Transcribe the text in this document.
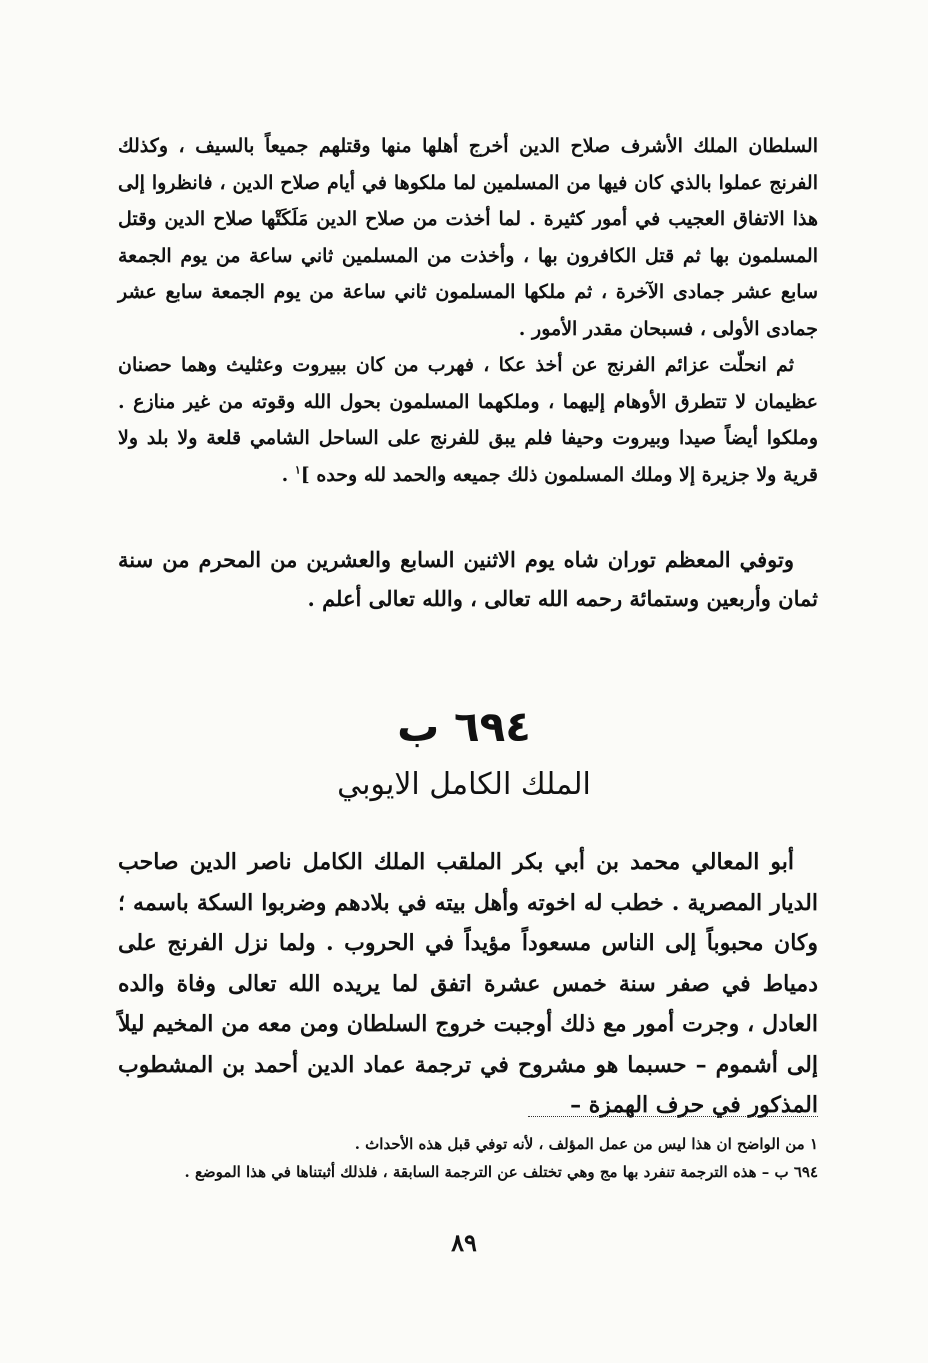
السلطان الملك الأشرف صلاح الدين أخرج أهلها منها وقتلهم جميعاً بالسيف ، وكذلك الفرنج عملوا بالذي كان فيها من المسلمين لما ملكوها في أيام صلاح الدين ، فانظروا إلى هذا الاتفاق العجيب في أمور كثيرة . لما أخذت من صلاح الدين مَلَكَتْها صلاح الدين وقتل المسلمون بها ثم قتل الكافرون بها ، وأخذت من المسلمين ثاني ساعة من يوم الجمعة سابع عشر جمادى الآخرة ، ثم ملكها المسلمون ثاني ساعة من يوم الجمعة سابع عشر جمادى الأولى ، فسبحان مقدر الأمور .

ثم انحلّت عزائم الفرنج عن أخذ عكا ، فهرب من كان ببيروت وعثليث وهما حصنان عظيمان لا تتطرق الأوهام إليهما ، وملكهما المسلمون بحول الله وقوته من غير منازع . وملكوا أيضاً صيدا وبيروت وحيفا فلم يبق للفرنج على الساحل الشامي قلعة ولا بلد ولا قرية ولا جزيرة إلا وملك المسلمون ذلك جميعه والحمد لله وحده ]$^١$ .

وتوفي المعظم توران شاه يوم الاثنين السابع والعشرين من المحرم من سنة ثمان وأربعين وستمائة رحمه الله تعالى ، والله تعالى أعلم .

٦٩٤ ب
الملك الكامل الايوبي

أبو المعالي محمد بن أبي بكر الملقب الملك الكامل ناصر الدين صاحب الديار المصرية . خطب له اخوته وأهل بيته في بلادهم وضربوا السكة باسمه ؛ وكان محبوباً إلى الناس مسعوداً مؤيداً في الحروب . ولما نزل الفرنج على دمياط في صفر سنة خمس عشرة اتفق لما يريده الله تعالى وفاة والده العادل ، وجرت أمور مع ذلك أوجبت خروج السلطان ومن معه من المخيم ليلاً إلى أشموم – حسبما هو مشروح في ترجمة عماد الدين أحمد بن المشطوب المذكور في حرف الهمزة –

١ من الواضح ان هذا ليس من عمل المؤلف ، لأنه توفي قبل هذه الأحداث .

٦٩٤ ب – هذه الترجمة تنفرد بها مج وهي تختلف عن الترجمة السابقة ، فلذلك أثبتناها في هذا الموضع .

٨٩
